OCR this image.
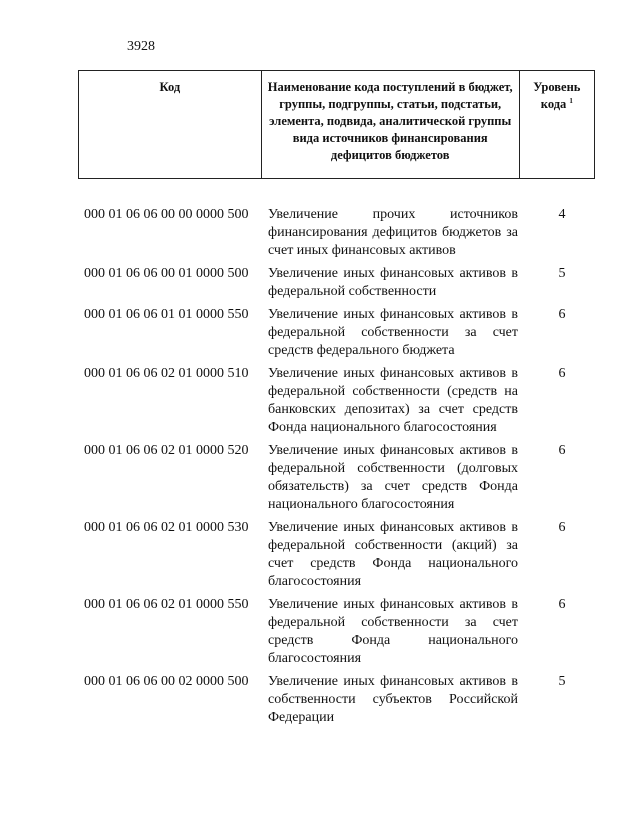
3928
Код	Наименование кода поступлений в бюджет, группы, подгруппы, статьи, подстатьи, элемента, подвида, аналитической группы вида источников финансирования дефицитов бюджетов	Уровень кода $^1$
000 01 06 06 00 00 0000 500	Увеличение прочих источников финансирования дефицитов бюджетов за счет иных финансовых активов	4
000 01 06 06 00 01 0000 500	Увеличение иных финансовых активов в федеральной собственности	5
000 01 06 06 01 01 0000 550	Увеличение иных финансовых активов в федеральной собственности за счет средств федерального бюджета	6
000 01 06 06 02 01 0000 510	Увеличение иных финансовых активов в федеральной собственности (средств на банковских депозитах) за счет средств Фонда национального благосостояния	6
000 01 06 06 02 01 0000 520	Увеличение иных финансовых активов в федеральной собственности (долговых обязательств) за счет средств Фонда национального благосостояния	6
000 01 06 06 02 01 0000 530	Увеличение иных финансовых активов в федеральной собственности (акций) за счет средств Фонда национального благосостояния	6
000 01 06 06 02 01 0000 550	Увеличение иных финансовых активов в федеральной собственности за счет средств Фонда национального благосостояния	6
000 01 06 06 00 02 0000 500	Увеличение иных финансовых активов в собственности субъектов Российской Федерации	5
